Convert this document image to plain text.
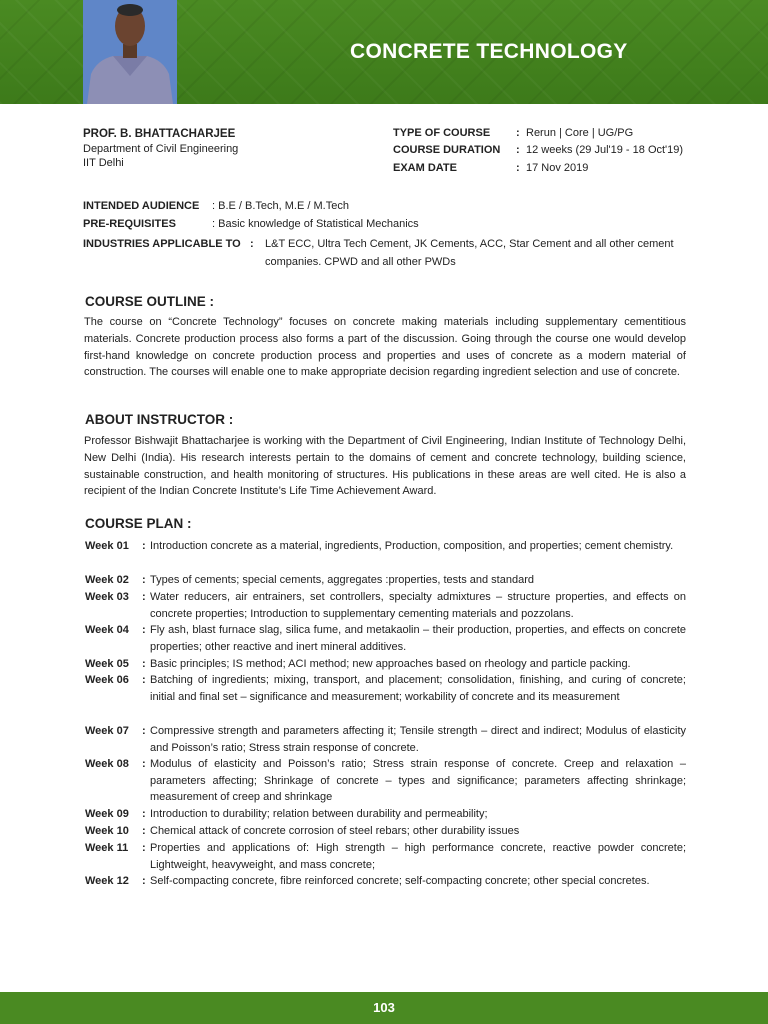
CONCRETE TECHNOLOGY
PROF. B. BHATTACHARJEE
Department of Civil Engineering
IIT Delhi
TYPE OF COURSE : Rerun | Core | UG/PG
COURSE DURATION : 12 weeks (29 Jul'19 - 18 Oct'19)
EXAM DATE	: 17 Nov 2019
INTENDED AUDIENCE : B.E / B.Tech, M.E / M.Tech
PRE-REQUISITES	: Basic knowledge of Statistical Mechanics
INDUSTRIES APPLICABLE TO : L&T ECC, Ultra Tech Cement, JK Cements, ACC, Star Cement and all other cement
companies. CPWD and all other PWDs
COURSE OUTLINE :
The course on “Concrete Technology” focuses on concrete making materials including supplementary cementitious materials. Concrete production process also forms a part of the discussion. Going through the course one would develop first-hand knowledge on concrete production process and properties and uses of concrete as a modern material of construction. The courses will enable one to make appropriate decision regarding ingredient selection and use of concrete.
ABOUT INSTRUCTOR :
Professor Bishwajit Bhattacharjee is working with the Department of Civil Engineering, Indian Institute of Technology Delhi, New Delhi (India). His research interests pertain to the domains of cement and concrete technology, building science, sustainable construction, and health monitoring of structures. His publications in these areas are well cited. He is also a recipient of the Indian Concrete Institute’s Life Time Achievement Award.
COURSE PLAN :
Week 01 : Introduction concrete as a material, ingredients, Production, composition, and properties; cement chemistry.
Week 02 : Types of cements; special cements, aggregates :properties, tests and standard
Week 03 : Water reducers, air entrainers, set controllers, specialty admixtures – structure properties, and effects on concrete properties; Introduction to supplementary cementing materials and pozzolans.
Week 04 : Fly ash, blast furnace slag, silica fume, and metakaolin – their production, properties, and effects on concrete properties; other reactive and inert mineral additives.
Week 05 : Basic principles; IS method; ACI method; new approaches based on rheology and particle packing.
Week 06 : Batching of ingredients; mixing, transport, and placement; consolidation, finishing, and curing of concrete; initial and final set – significance and measurement; workability of concrete and its measurement
Week 07 : Compressive strength and parameters affecting it; Tensile strength – direct and indirect; Modulus of elasticity and Poisson’s ratio; Stress strain response of concrete.
Week 08 : Modulus of elasticity and Poisson’s ratio; Stress strain response of concrete. Creep and relaxation – parameters affecting; Shrinkage of concrete – types and significance; parameters affecting shrinkage; measurement of creep and shrinkage
Week 09 : Introduction to durability; relation between durability and permeability;
Week 10 : Chemical attack of concrete corrosion of steel rebars; other durability issues
Week 11 : Properties and applications of: High strength – high performance concrete, reactive powder concrete; Lightweight, heavyweight, and mass concrete;
Week 12 : Self-compacting concrete, fibre reinforced concrete; self-compacting concrete; other special concretes.
103
